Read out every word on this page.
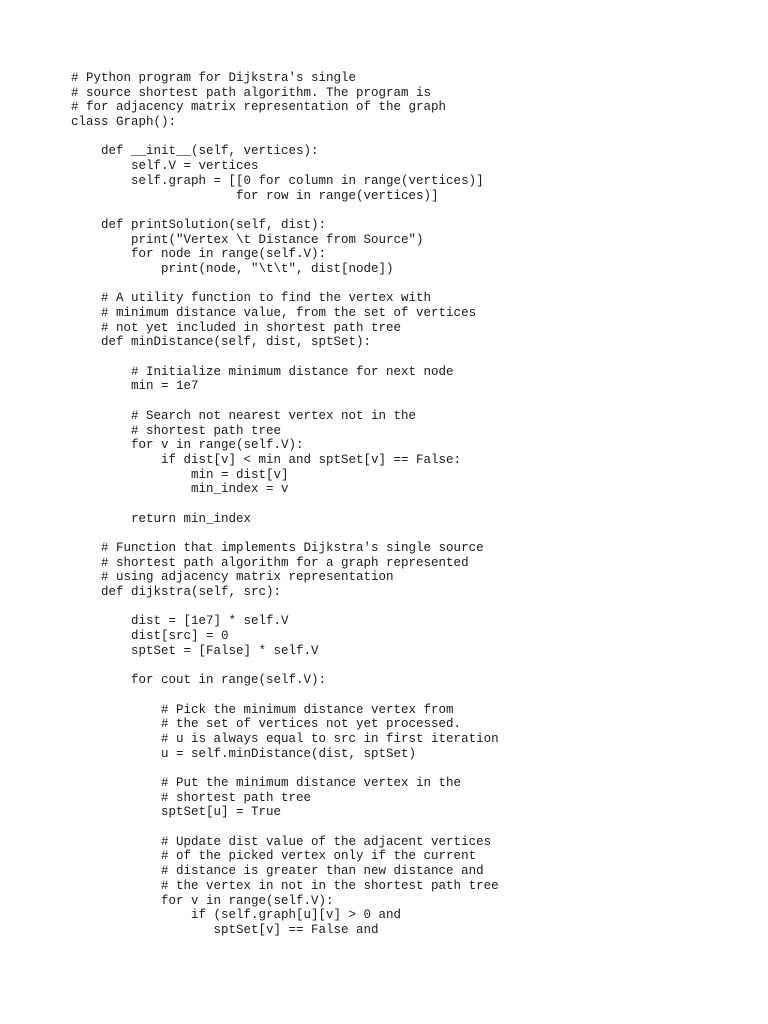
# Python program for Dijkstra's single
# source shortest path algorithm. The program is
# for adjacency matrix representation of the graph
class Graph():
def __init__(self, vertices):
self.V = vertices
self.graph = [[0 for column in range(vertices)]
for row in range(vertices)]
def printSolution(self, dist):
print("Vertex \t Distance from Source")
for node in range(self.V):
print(node, "\t\t", dist[node])
# A utility function to find the vertex with
# minimum distance value, from the set of vertices
# not yet included in shortest path tree
def minDistance(self, dist, sptSet):
# Initialize minimum distance for next node
min = 1e7
# Search not nearest vertex not in the
# shortest path tree
for v in range(self.V):
if dist[v] < min and sptSet[v] == False:
min = dist[v]
min_index = v
return min_index
# Function that implements Dijkstra's single source
# shortest path algorithm for a graph represented
# using adjacency matrix representation
def dijkstra(self, src):
dist = [1e7] * self.V
dist[src] = 0
sptSet = [False] * self.V
for cout in range(self.V):
# Pick the minimum distance vertex from
# the set of vertices not yet processed.
# u is always equal to src in first iteration
u = self.minDistance(dist, sptSet)
# Put the minimum distance vertex in the
# shortest path tree
sptSet[u] = True
# Update dist value of the adjacent vertices
# of the picked vertex only if the current
# distance is greater than new distance and
# the vertex in not in the shortest path tree
for v in range(self.V):
if (self.graph[u][v] > 0 and
sptSet[v] == False and
